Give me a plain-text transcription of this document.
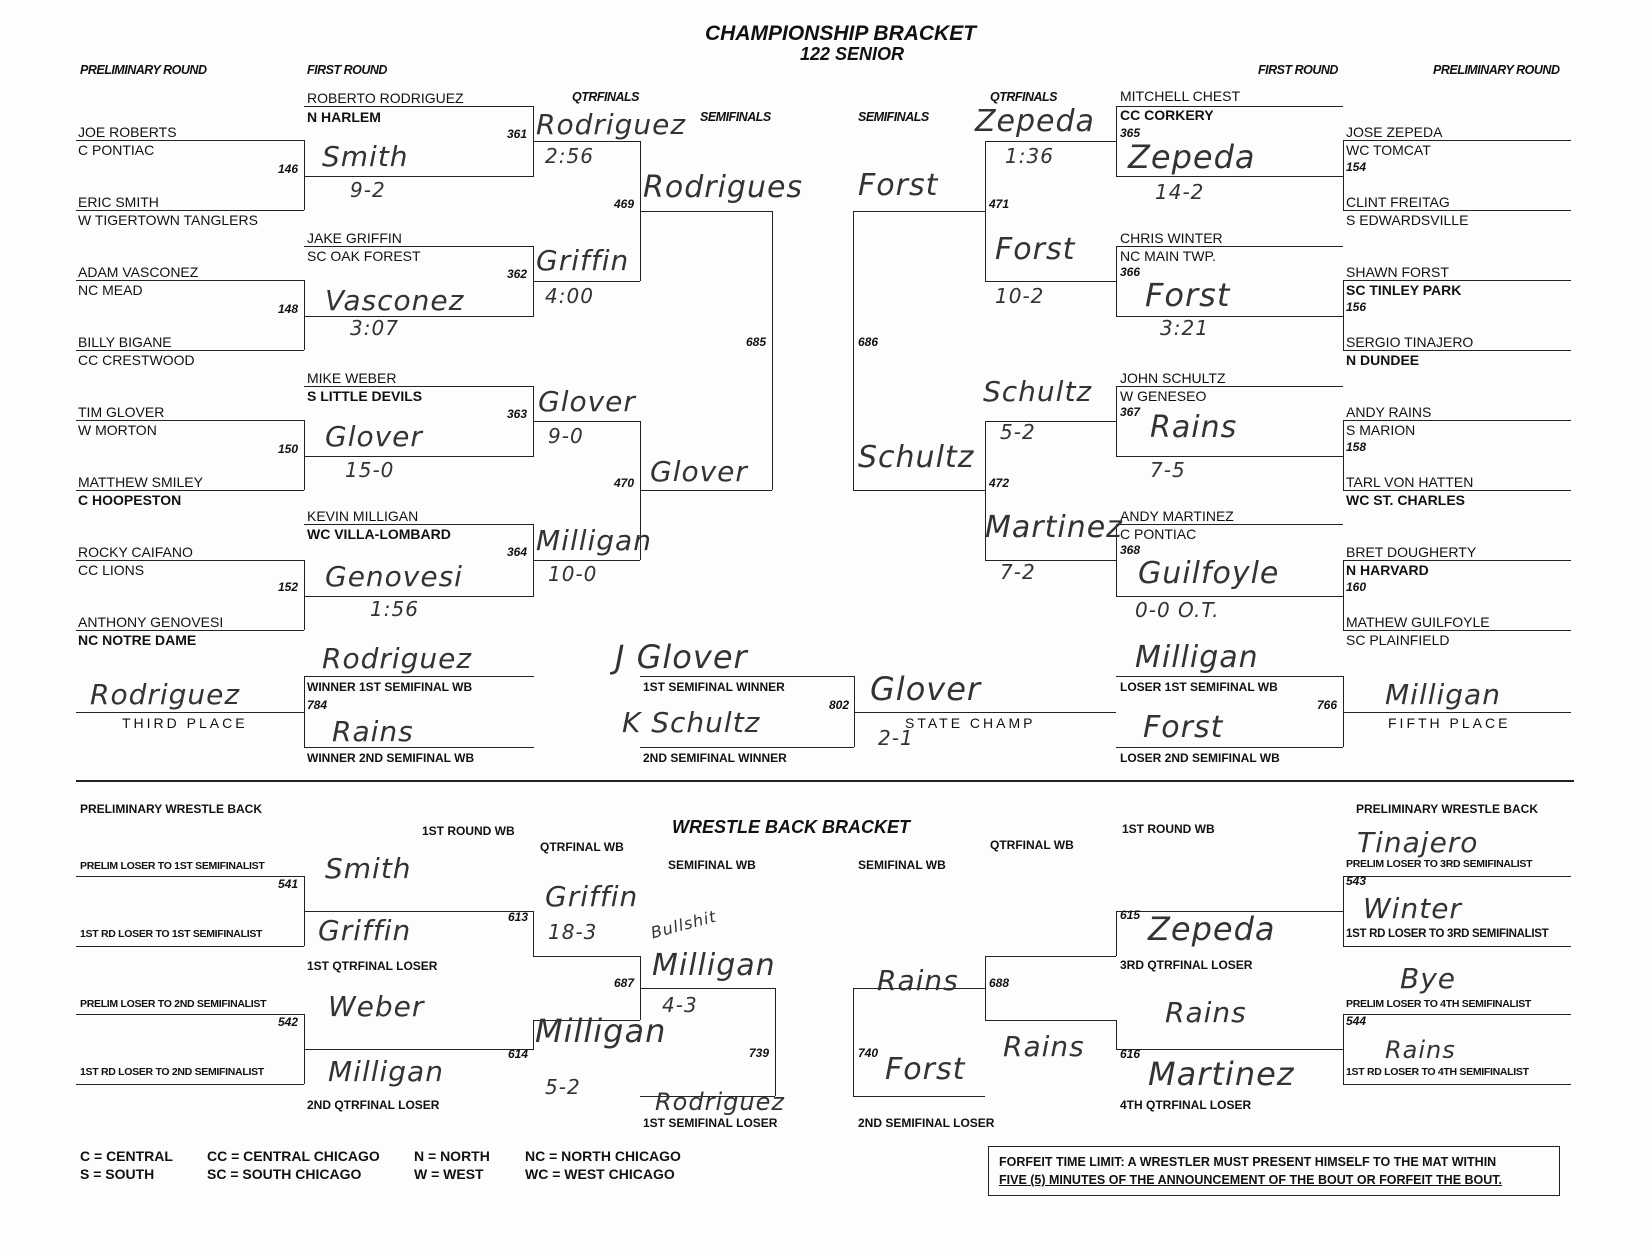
CHAMPIONSHIP BRACKET
122 SENIOR
PRELIMINARY ROUND	FIRST ROUND
QTRFINALS
SEMIFINALS	SEMIFINALS
QTRFINALS
FIRST ROUND	PRELIMINARY ROUND
JOE ROBERTS
C PONTIAC
ERIC SMITH
W TIGERTOWN TANGLERS
ADAM VASCONEZ
NC MEAD
BILLY BIGANE
CC CRESTWOOD
TIM GLOVER
W MORTON
MATTHEW SMILEY
C HOOPESTON
ROCKY CAIFANO
CC LIONS
ANTHONY GENOVESI
NC NOTRE DAME
ROBERTO RODRIGUEZ
N HARLEM
JAKE GRIFFIN
SC OAK FOREST
MIKE WEBER
S LITTLE DEVILS
KEVIN MILLIGAN
WC VILLA-LOMBARD
MITCHELL CHEST
CC CORKERY
365
CHRIS WINTER
NC MAIN TWP.
366
JOHN SCHULTZ
W GENESEO
367
ANDY MARTINEZ
C PONTIAC
368
JOSE ZEPEDA
WC TOMCAT
154
CLINT FREITAG
S EDWARDSVILLE
SHAWN FORST
SC TINLEY PARK
156
SERGIO TINAJERO
N DUNDEE
ANDY RAINS
S MARION
158
TARL VON HATTEN
WC ST. CHARLES
BRET DOUGHERTY
N HARVARD
160
MATHEW GUILFOYLE
SC PLAINFIELD
146
148
150
152
361
362
363
364
469
470
685	686
471
472
WINNER 1ST SEMIFINAL WB
784
WINNER 2ND SEMIFINAL WB
1ST SEMIFINAL WINNER
2ND SEMIFINAL WINNER
802
LOSER 1ST SEMIFINAL WB
LOSER 2ND SEMIFINAL WB
766
THIRD PLACE	STATE CHAMP	FIFTH PLACE
PRELIMINARY WRESTLE BACK	PRELIMINARY WRESTLE BACK
1ST ROUND WB
QTRFINAL WB
SEMIFINAL WB
WRESTLE BACK BRACKET
SEMIFINAL WB
QTRFINAL WB
1ST ROUND WB
PRELIM LOSER TO 1ST SEMIFINALIST
541
1ST RD LOSER TO 1ST SEMIFINALIST
PRELIM LOSER TO 2ND SEMIFINALIST
542
1ST RD LOSER TO 2ND SEMIFINALIST
1ST QTRFINAL LOSER
2ND QTRFINAL LOSER
613
614
687
739
1ST SEMIFINAL LOSER
PRELIM LOSER TO 3RD SEMIFINALIST
543
1ST RD LOSER TO 3RD SEMIFINALIST
PRELIM LOSER TO 4TH SEMIFINALIST
544
1ST RD LOSER TO 4TH SEMIFINALIST
3RD QTRFINAL LOSER
4TH QTRFINAL LOSER
615
616
688
740
2ND SEMIFINAL LOSER
C = CENTRAL
S = SOUTH
CC = CENTRAL CHICAGO
SC = SOUTH CHICAGO
N = NORTH
W = WEST
NC = NORTH CHICAGO
WC = WEST CHICAGO
FORFEIT TIME LIMIT: A WRESTLER MUST PRESENT HIMSELF TO THE MAT WITHIN
FIVE (5) MINUTES OF THE ANNOUNCEMENT OF THE BOUT OR FORFEIT THE BOUT.
Smith
9-2
Vasconez
3:07
Glover
15-0
Genovesi
1:56
Rodriguez
2:56
Griffin
4:00
Glover
9-0
Milligan
10-0
Rodrigues
Glover
Forst
Schultz
Zepeda
1:36
Forst
10-2
Schultz
5-2
Martinez
7-2
Zepeda
14-2
Forst
3:21
Rains
7-5
Guilfoyle
0-0 O.T.
Rodriguez
Rains
J Glover
K Schultz
Glover
2-1
Milligan
Forst
Rodriguez	Milligan
Smith
Griffin
Weber
Milligan
Griffin
18-3	Bullshit
Milligan
4-3
Milligan
5-2
Rodriguez
Tinajero
Winter
Bye
Rains
Zepeda
Rains
Martinez
Rains
Rains
Forst
